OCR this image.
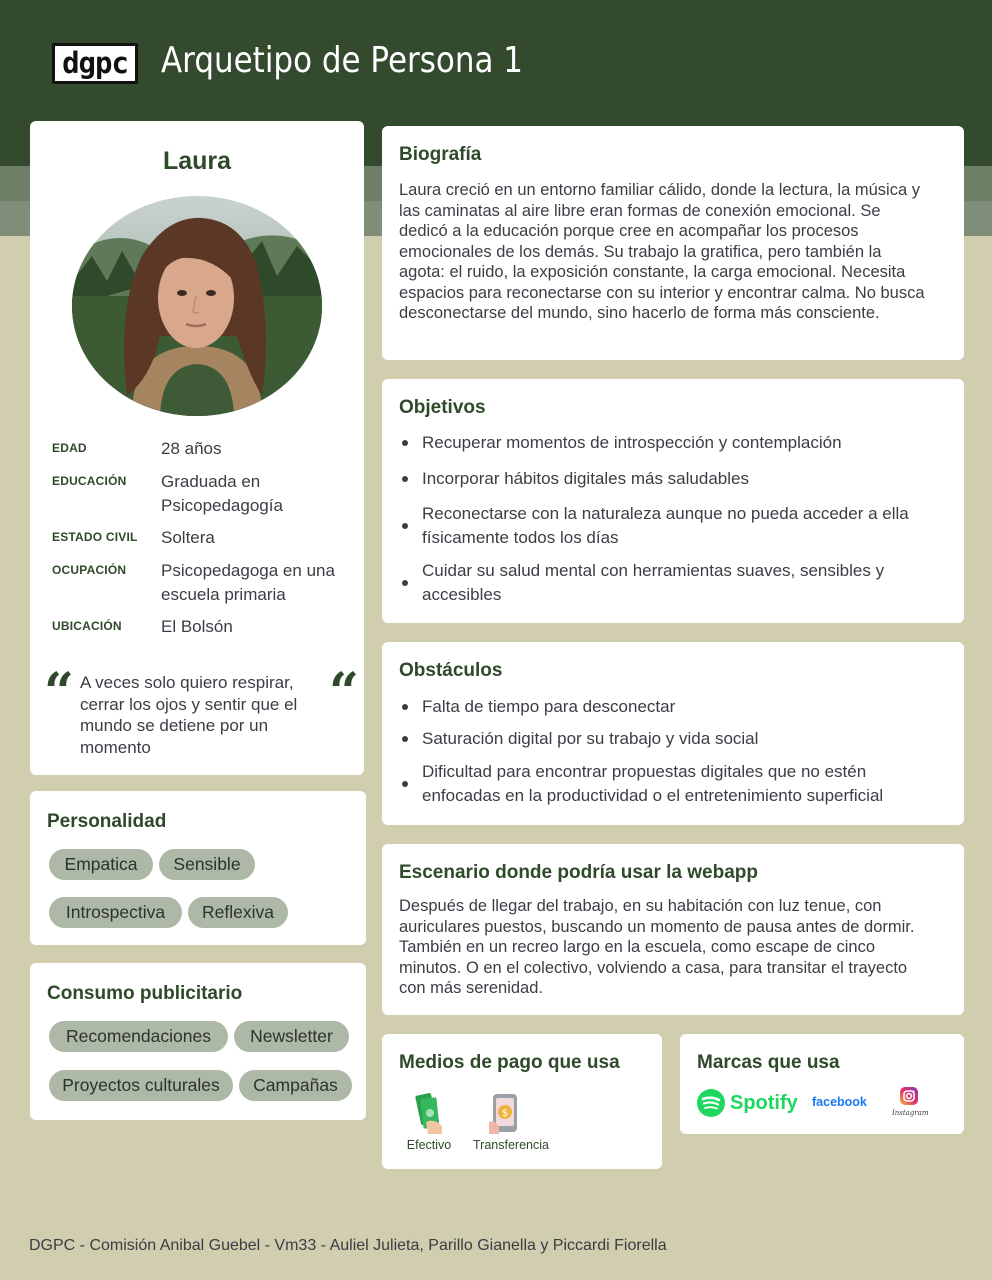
dgpc Arquetipo de Persona 1
Laura
EDAD	28 años
EDUCACIÓN Graduada en Psicopedagogía
ESTADO CIVIL Soltera
OCUPACIÓN Psicopedagoga en una escuela primaria
UBICACIÓN El Bolsón
“ A veces solo quiero respirar, cerrar los ojos y sentir que el mundo se detiene por un momento
“
Personalidad
Empatica	Sensible
Introspectiva	Reflexiva
Consumo publicitario
Recomendaciones	Newsletter
Proyectos culturales	Campañas
Biografía
Laura creció en un entorno familiar cálido, donde la lectura, la música y las caminatas al aire libre eran formas de conexión emocional. Se dedicó a la educación porque cree en acompañar los procesos emocionales de los demás. Su trabajo la gratifica, pero también la agota: el ruido, la exposición constante, la carga emocional. Necesita espacios para reconectarse con su interior y encontrar calma. No busca desconectarse del mundo, sino hacerlo de forma más consciente.
Objetivos
Recuperar momentos de introspección y contemplación
Incorporar hábitos digitales más saludables
Reconectarse con la naturaleza aunque no pueda acceder a ella físicamente todos los días
Cuidar su salud mental con herramientas suaves, sensibles y accesibles
Obstáculos
Falta de tiempo para desconectar
Saturación digital por su trabajo y vida social
Dificultad para encontrar propuestas digitales que no estén enfocadas en la productividad o el entretenimiento superficial
Escenario donde podría usar la webapp
Después de llegar del trabajo, en su habitación con luz tenue, con auriculares puestos, buscando un momento de pausa antes de dormir. También en un recreo largo en la escuela, como escape de cinco minutos. O en el colectivo, volviendo a casa, para transitar el trayecto con más serenidad.
Medios de pago que usa
Efectivo
$
Transferencia
Marcas que usa
Spotify facebook
Instagram
DGPC - Comisión Anibal Guebel - Vm33 - Auliel Julieta, Parillo Gianella y Piccardi Fiorella
